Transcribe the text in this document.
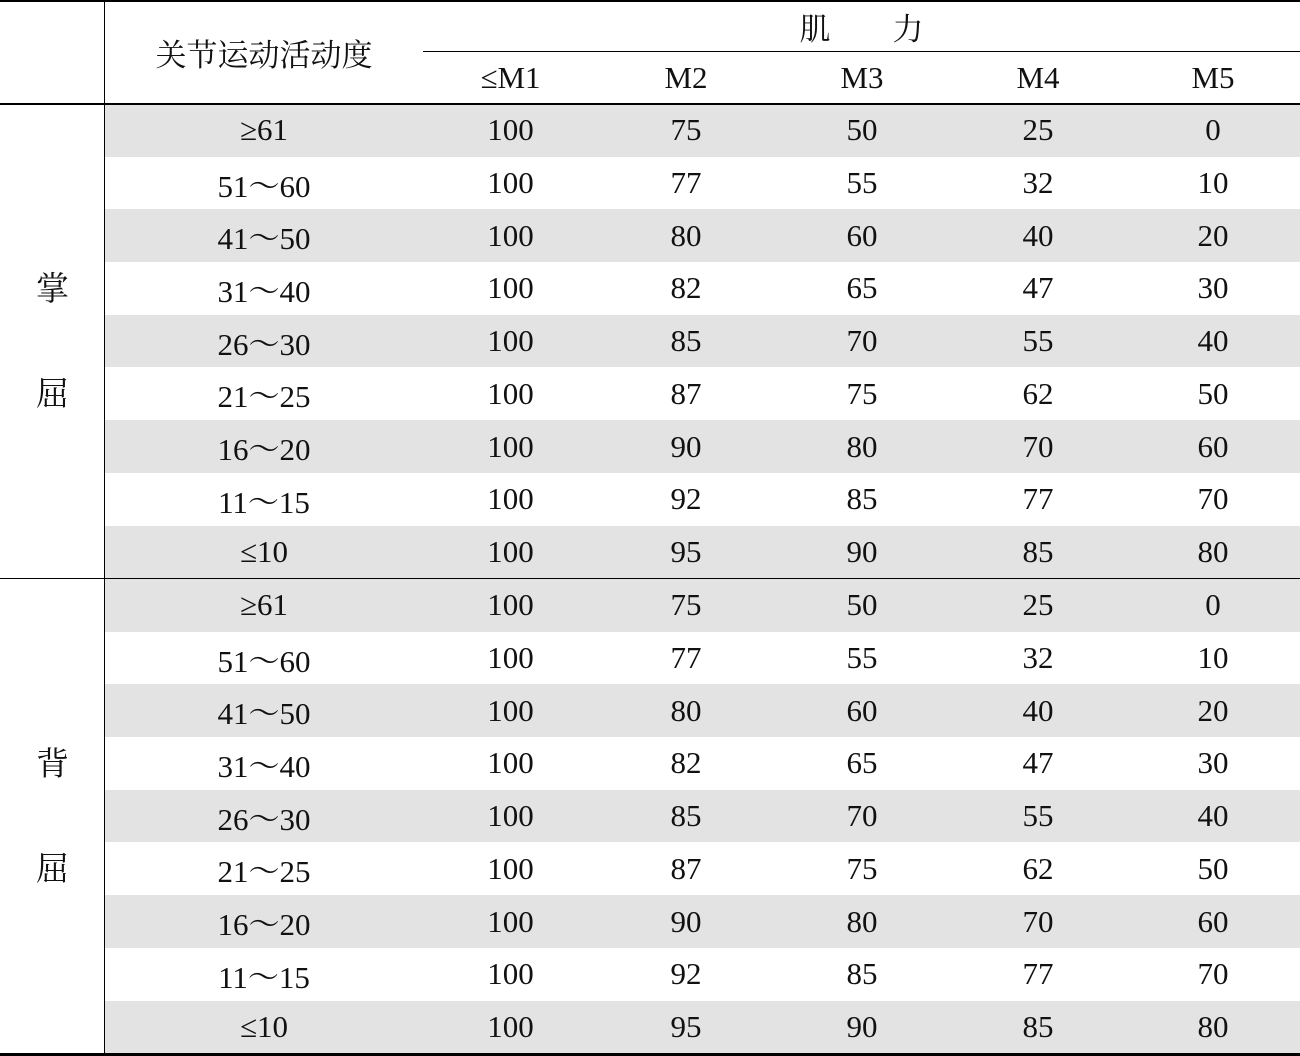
关节运动活动度
肌　　力
≤M1	M2	M3	M4	M5
掌
屈
≥61	100	75	50	25	0
51～60	100	77	55	32	10
41～50	100	80	60	40	20
31～40	100	82	65	47	30
26～30	100	85	70	55	40
21～25	100	87	75	62	50
16～20	100	90	80	70	60
11～15	100	92	85	77	70
≤10	100	95	90	85	80
背
屈
≥61	100	75	50	25	0
51～60	100	77	55	32	10
41～50	100	80	60	40	20
31～40	100	82	65	47	30
26～30	100	85	70	55	40
21～25	100	87	75	62	50
16～20	100	90	80	70	60
11～15	100	92	85	77	70
≤10	100	95	90	85	80
